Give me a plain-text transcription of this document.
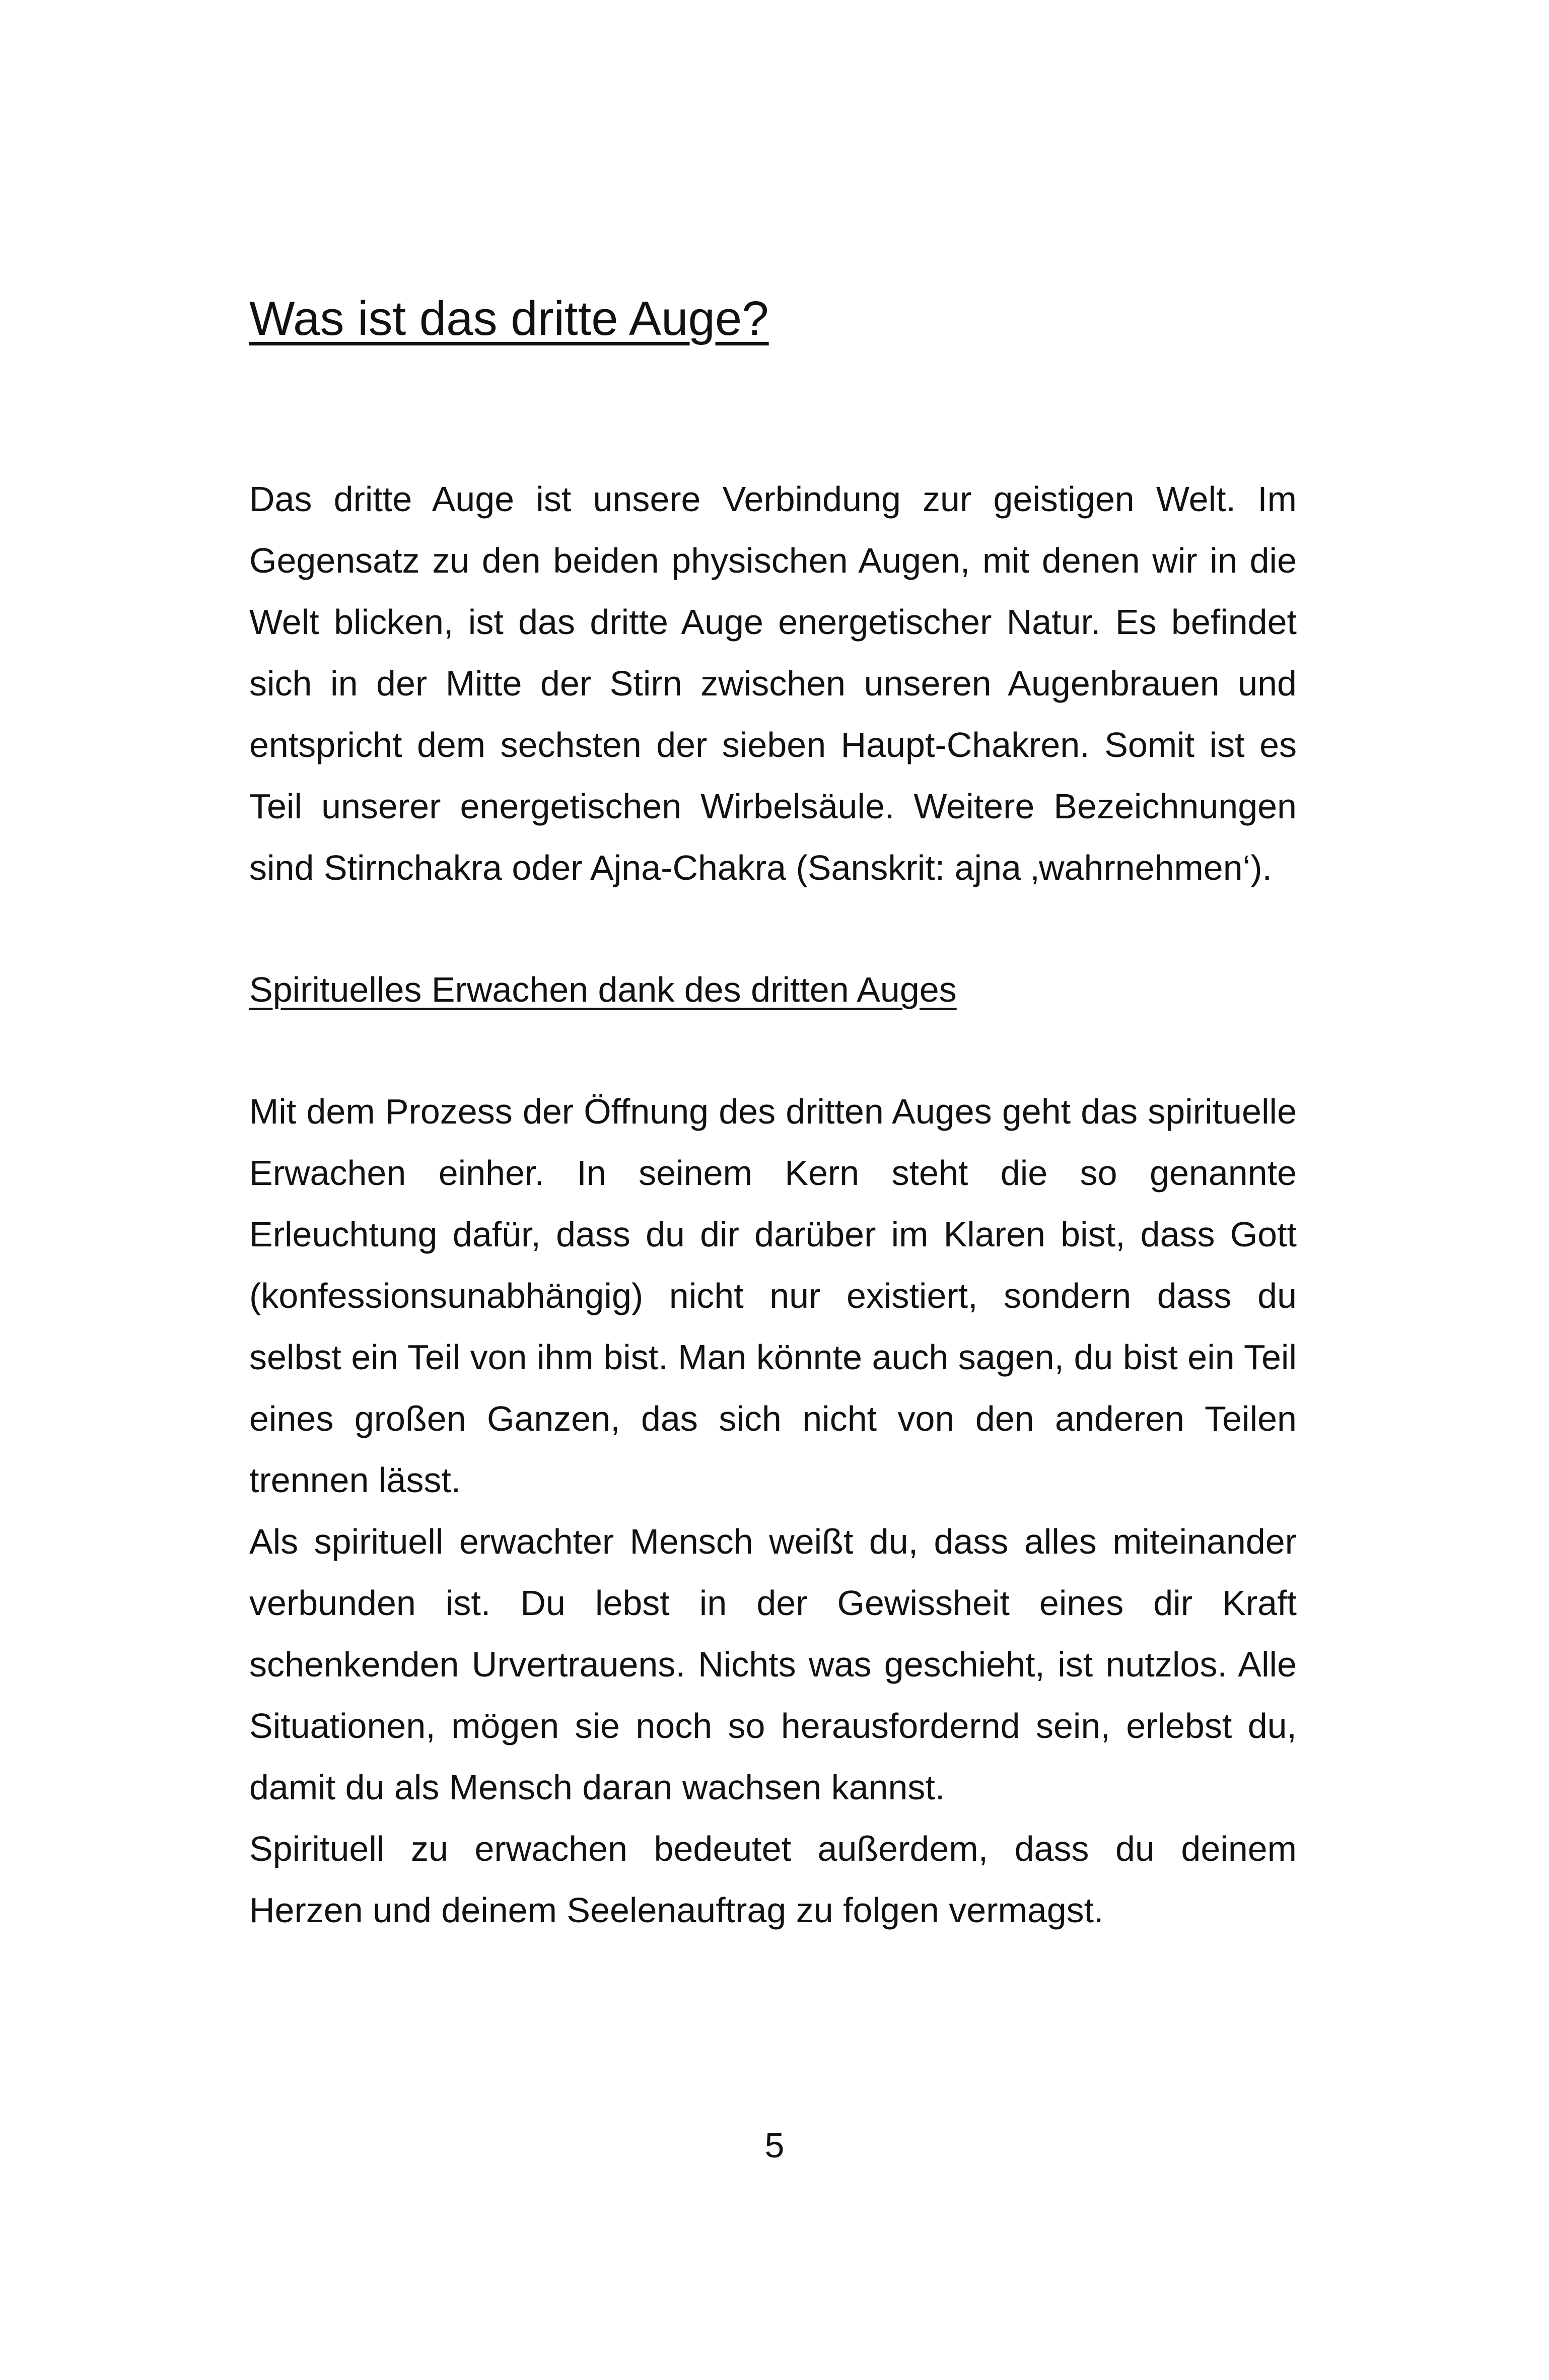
Was ist das dritte Auge?

Das dritte Auge ist unsere Verbindung zur geistigen Welt. Im Gegensatz zu den beiden physischen Augen, mit denen wir in die Welt blicken, ist das dritte Auge energetischer Natur. Es befindet sich in der Mitte der Stirn zwischen unseren Augenbrauen und entspricht dem sechsten der sieben Haupt-Chakren. Somit ist es Teil unserer energetischen Wirbelsäule. Weitere Bezeichnungen sind Stirnchakra oder Ajna-Chakra (Sanskrit: ajna ‚wahrnehmen‘).

Spirituelles Erwachen dank des dritten Auges

Mit dem Prozess der Öffnung des dritten Auges geht das spirituelle Erwachen einher. In seinem Kern steht die so genannte Erleuchtung dafür, dass du dir darüber im Klaren bist, dass Gott (konfessionsunabhängig) nicht nur existiert, sondern dass du selbst ein Teil von ihm bist. Man könnte auch sagen, du bist ein Teil eines großen Ganzen, das sich nicht von den anderen Teilen trennen lässt.

Als spirituell erwachter Mensch weißt du, dass alles miteinander verbunden ist. Du lebst in der Gewissheit eines dir Kraft schenkenden Urvertrauens. Nichts was geschieht, ist nutzlos. Alle Situationen, mögen sie noch so herausfordernd sein, erlebst du, damit du als Mensch daran wachsen kannst.

Spirituell zu erwachen bedeutet außerdem, dass du deinem Herzen und deinem Seelenauftrag zu folgen vermagst.

5
